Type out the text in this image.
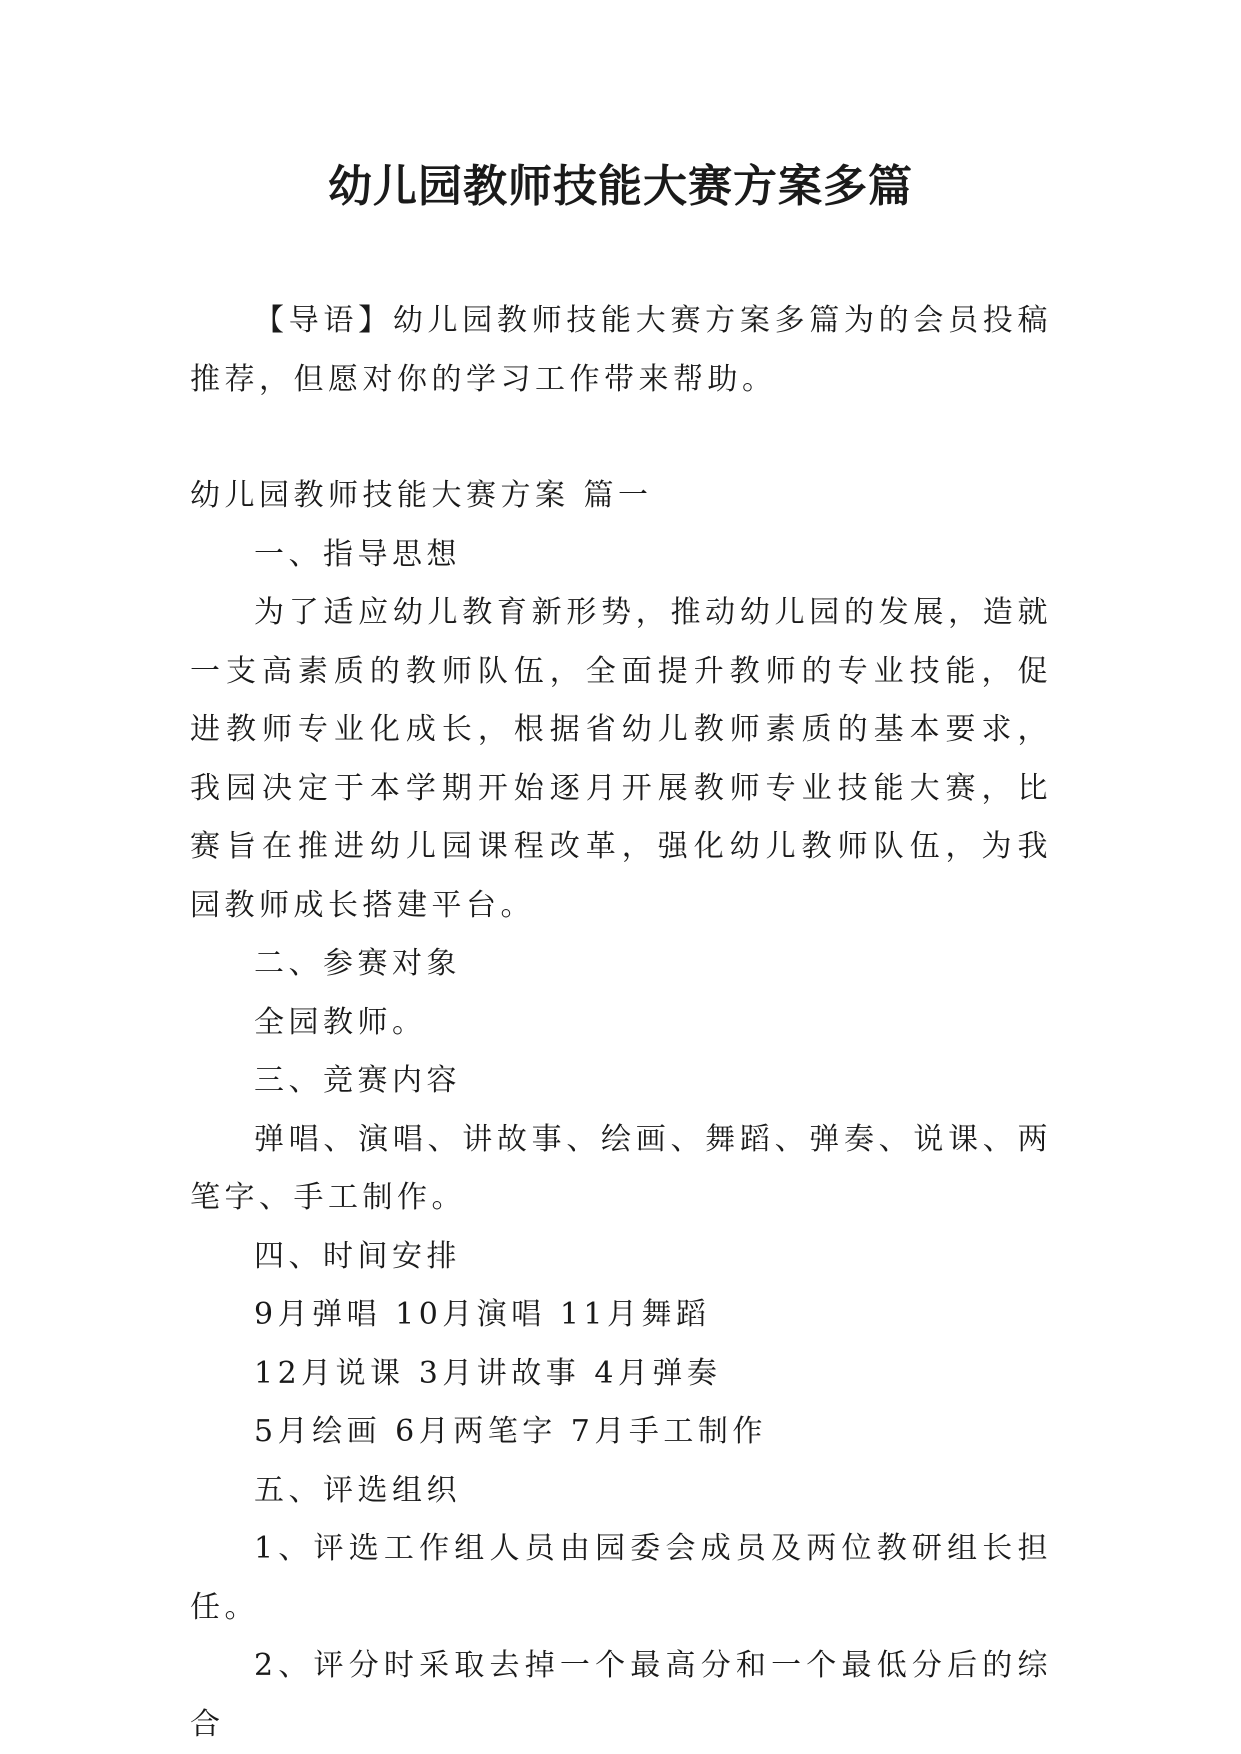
幼儿园教师技能大赛方案多篇

【导语】幼儿园教师技能大赛方案多篇为的会员投稿推荐，但愿对你的学习工作带来帮助。

幼儿园教师技能大赛方案 篇一

一、指导思想

为了适应幼儿教育新形势，推动幼儿园的发展，造就一支高素质的教师队伍，全面提升教师的专业技能，促进教师专业化成长，根据省幼儿教师素质的基本要求，我园决定于本学期开始逐月开展教师专业技能大赛，比赛旨在推进幼儿园课程改革，强化幼儿教师队伍，为我园教师成长搭建平台。

二、参赛对象

全园教师。

三、竞赛内容

弹唱、演唱、讲故事、绘画、舞蹈、弹奏、说课、两笔字、手工制作。

四、时间安排

9月弹唱 10月演唱 11月舞蹈

12月说课 3月讲故事 4月弹奏

5月绘画 6月两笔字 7月手工制作

五、评选组织

1、评选工作组人员由园委会成员及两位教研组长担任。

2、评分时采取去掉一个最高分和一个最低分后的综合
